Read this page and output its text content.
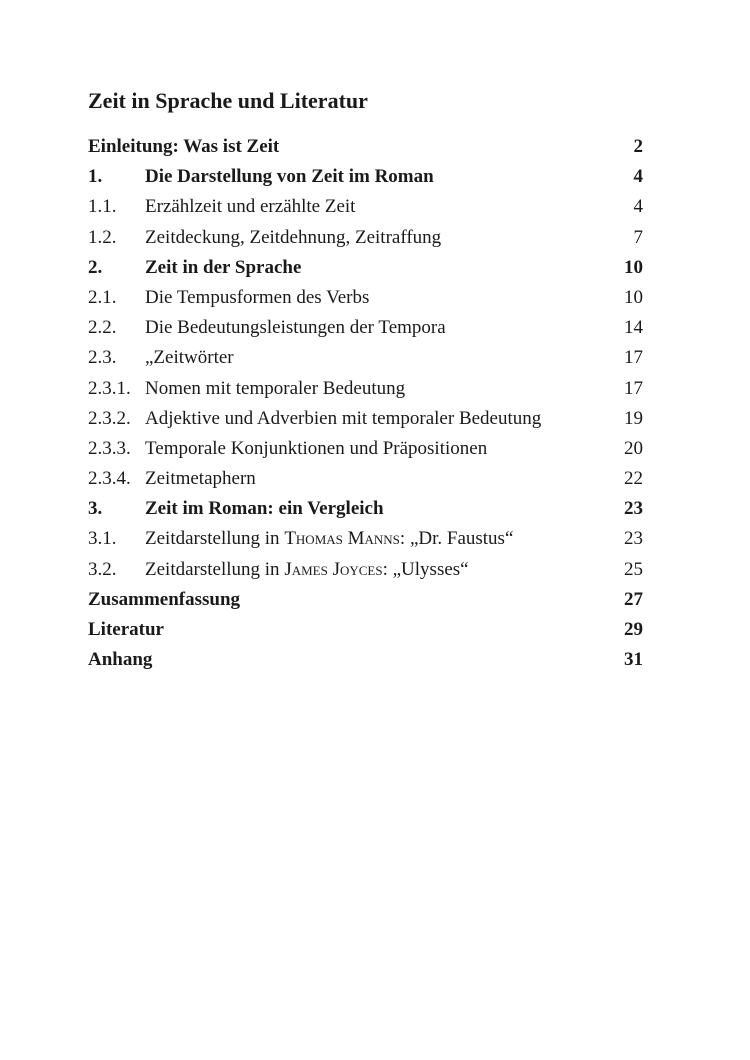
Zeit in Sprache und Literatur
Einleitung: Was ist Zeit	2
1. Die Darstellung von Zeit im Roman	4
1.1. Erzählzeit und erzählte Zeit	4
1.2. Zeitdeckung, Zeitdehnung, Zeitraffung	7
2. Zeit in der Sprache	10
2.1. Die Tempusformen des Verbs	10
2.2. Die Bedeutungsleistungen der Tempora	14
2.3. „Zeitwörter	17
2.3.1. Nomen mit temporaler Bedeutung	17
2.3.2. Adjektive und Adverbien mit temporaler Bedeutung	19
2.3.3. Temporale Konjunktionen und Präpositionen	20
2.3.4. Zeitmetaphern	22
3. Zeit im Roman: ein Vergleich	23
3.1. Zeitdarstellung in Thomas Manns: „Dr. Faustus“	23
3.2. Zeitdarstellung in James Joyces: „Ulysses“	25
Zusammenfassung	27
Literatur	29
Anhang	31
